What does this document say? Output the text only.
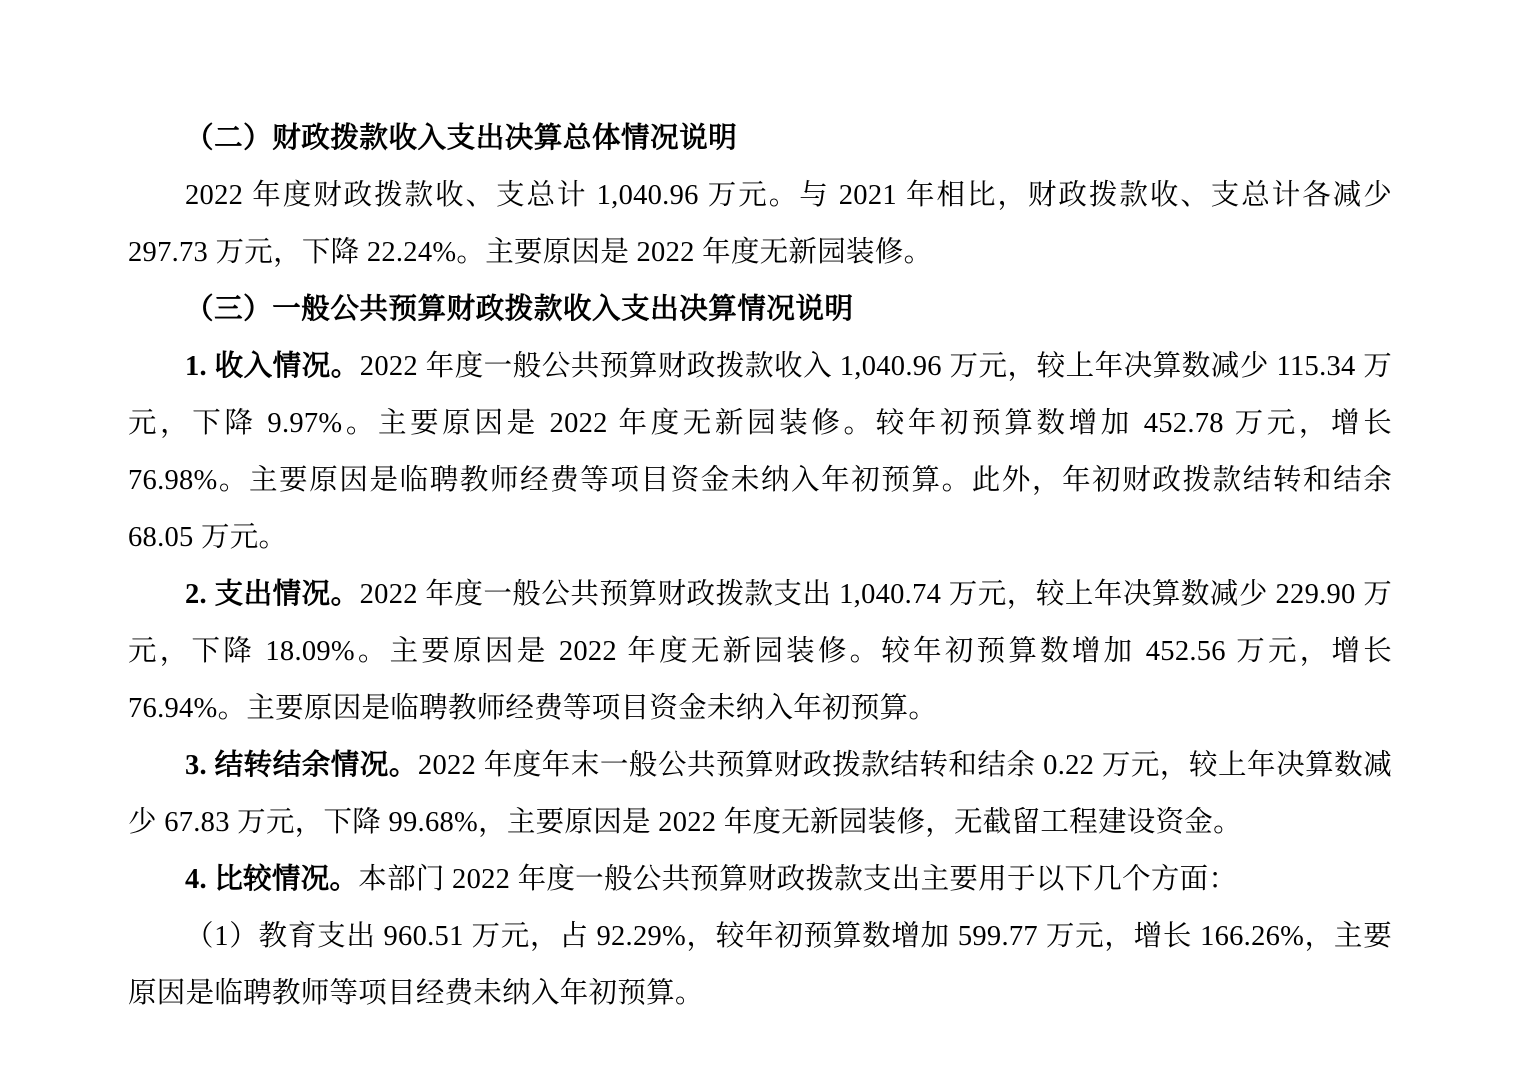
（二）财政拨款收入支出决算总体情况说明

2022 年度财政拨款收、支总计 1,040.96 万元。与 2021 年相比，财政拨款收、支总计各减少 297.73 万元，下降 22.24%。主要原因是 2022 年度无新园装修。

（三）一般公共预算财政拨款收入支出决算情况说明

1. 收入情况。2022 年度一般公共预算财政拨款收入 1,040.96 万元，较上年决算数减少 115.34 万元，下降 9.97%。主要原因是 2022 年度无新园装修。较年初预算数增加 452.78 万元，增长 76.98%。主要原因是临聘教师经费等项目资金未纳入年初预算。此外，年初财政拨款结转和结余 68.05 万元。

2. 支出情况。2022 年度一般公共预算财政拨款支出 1,040.74 万元，较上年决算数减少 229.90 万元，下降 18.09%。主要原因是 2022 年度无新园装修。较年初预算数增加 452.56 万元，增长 76.94%。主要原因是临聘教师经费等项目资金未纳入年初预算。

3. 结转结余情况。2022 年度年末一般公共预算财政拨款结转和结余 0.22 万元，较上年决算数减少 67.83 万元，下降 99.68%，主要原因是 2022 年度无新园装修，无截留工程建设资金。

4. 比较情况。本部门 2022 年度一般公共预算财政拨款支出主要用于以下几个方面：

（1）教育支出 960.51 万元，占 92.29%，较年初预算数增加 599.77 万元，增长 166.26%，主要原因是临聘教师等项目经费未纳入年初预算。
